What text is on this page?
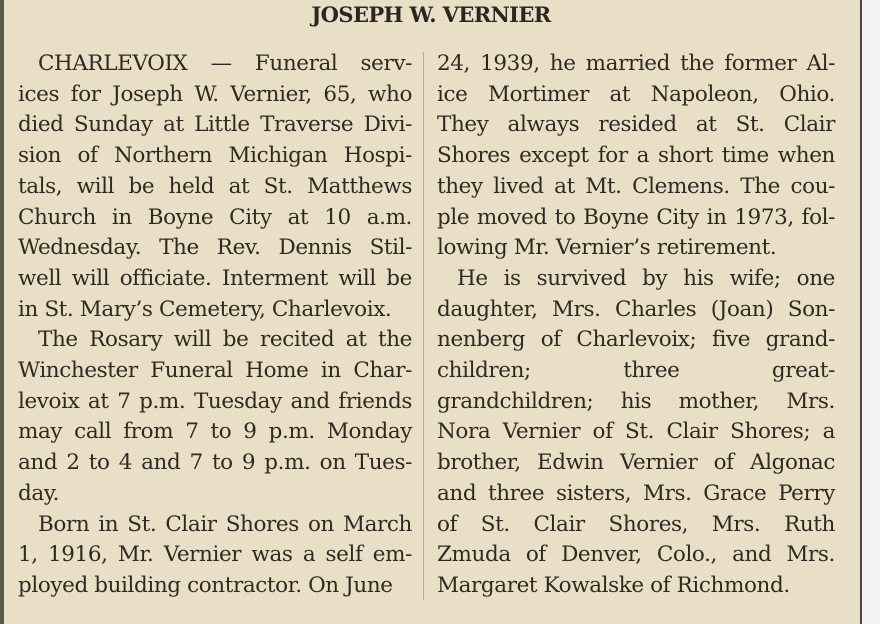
JOSEPH W. VERNIER
CHARLEVOIX — Funeral serv-
ices for Joseph W. Vernier, 65, who
died Sunday at Little Traverse Divi-
sion of Northern Michigan Hospi-
tals, will be held at St. Matthews
Church in Boyne City at 10 a.m.
Wednesday. The Rev. Dennis Stil-
well will officiate. Interment will be
in St. Mary’s Cemetery, Charlevoix.
The Rosary will be recited at the
Winchester Funeral Home in Char-
levoix at 7 p.m. Tuesday and friends
may call from 7 to 9 p.m. Monday
and 2 to 4 and 7 to 9 p.m. on Tues-
day.
Born in St. Clair Shores on March
1, 1916, Mr. Vernier was a self em-
ployed building contractor. On June
24, 1939, he married the former Al-
ice Mortimer at Napoleon, Ohio.
They always resided at St. Clair
Shores except for a short time when
they lived at Mt. Clemens. The cou-
ple moved to Boyne City in 1973, fol-
lowing Mr. Vernier’s retirement.
He is survived by his wife; one
daughter, Mrs. Charles (Joan) Son-
nenberg of Charlevoix; five grand-
children; three great-
grandchildren; his mother, Mrs.
Nora Vernier of St. Clair Shores; a
brother, Edwin Vernier of Algonac
and three sisters, Mrs. Grace Perry
of St. Clair Shores, Mrs. Ruth
Zmuda of Denver, Colo., and Mrs.
Margaret Kowalske of Richmond.
